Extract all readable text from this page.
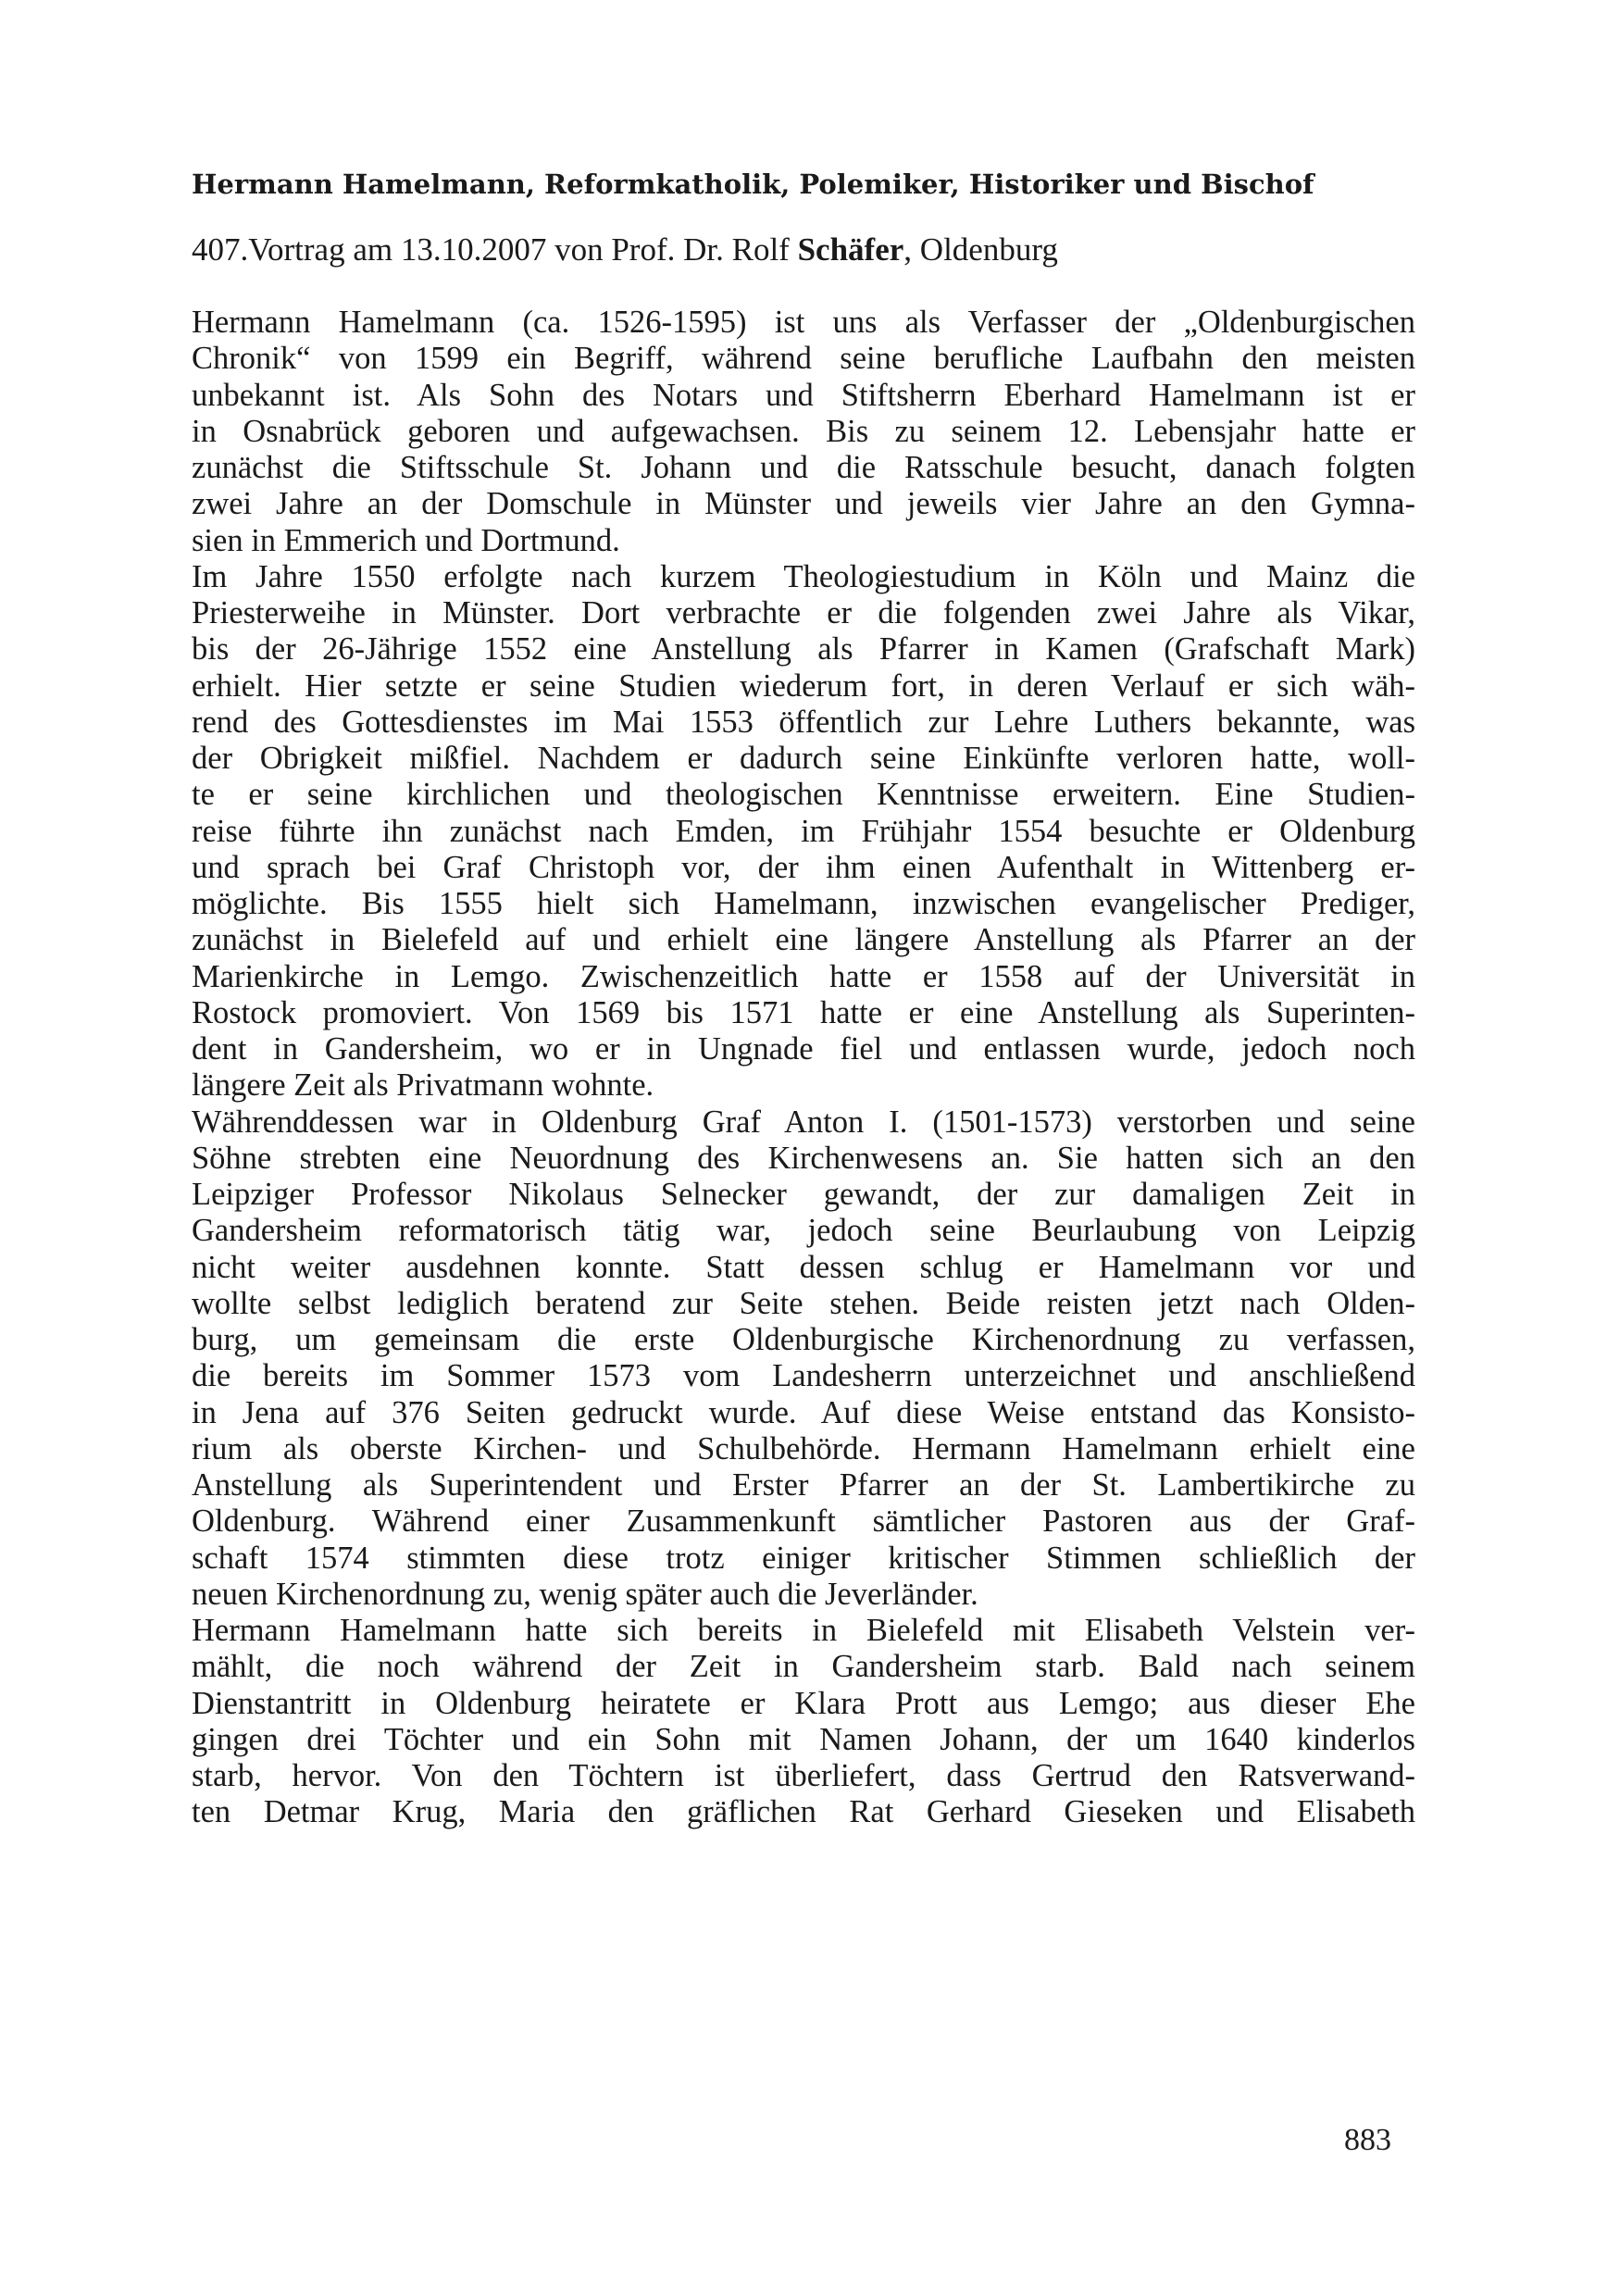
Hermann Hamelmann, Reformkatholik, Polemiker, Historiker und Bischof
407.Vortrag am 13.10.2007 von Prof. Dr. Rolf Schäfer, Oldenburg
Hermann Hamelmann (ca. 1526-1595) ist uns als Verfasser der „Oldenburgischen
Chronik“ von 1599 ein Begriff, während seine berufliche Laufbahn den meisten
unbekannt ist. Als Sohn des Notars und Stiftsherrn Eberhard Hamelmann ist er
in Osnabrück geboren und aufgewachsen. Bis zu seinem 12. Lebensjahr hatte er
zunächst die Stiftsschule St. Johann und die Ratsschule besucht, danach folgten
zwei Jahre an der Domschule in Münster und jeweils vier Jahre an den Gymna-
sien in Emmerich und Dortmund.
Im Jahre 1550 erfolgte nach kurzem Theologiestudium in Köln und Mainz die
Priesterweihe in Münster. Dort verbrachte er die folgenden zwei Jahre als Vikar,
bis der 26-Jährige 1552 eine Anstellung als Pfarrer in Kamen (Grafschaft Mark)
erhielt. Hier setzte er seine Studien wiederum fort, in deren Verlauf er sich wäh-
rend des Gottesdienstes im Mai 1553 öffentlich zur Lehre Luthers bekannte, was
der Obrigkeit mißfiel. Nachdem er dadurch seine Einkünfte verloren hatte, woll-
te er seine kirchlichen und theologischen Kenntnisse erweitern. Eine Studien-
reise führte ihn zunächst nach Emden, im Frühjahr 1554 besuchte er Oldenburg
und sprach bei Graf Christoph vor, der ihm einen Aufenthalt in Wittenberg er-
möglichte. Bis 1555 hielt sich Hamelmann, inzwischen evangelischer Prediger,
zunächst in Bielefeld auf und erhielt eine längere Anstellung als Pfarrer an der
Marienkirche in Lemgo. Zwischenzeitlich hatte er 1558 auf der Universität in
Rostock promoviert. Von 1569 bis 1571 hatte er eine Anstellung als Superinten-
dent in Gandersheim, wo er in Ungnade fiel und entlassen wurde, jedoch noch
längere Zeit als Privatmann wohnte.
Währenddessen war in Oldenburg Graf Anton I. (1501-1573) verstorben und seine
Söhne strebten eine Neuordnung des Kirchenwesens an. Sie hatten sich an den
Leipziger Professor Nikolaus Selnecker gewandt, der zur damaligen Zeit in
Gandersheim reformatorisch tätig war, jedoch seine Beurlaubung von Leipzig
nicht weiter ausdehnen konnte. Statt dessen schlug er Hamelmann vor und
wollte selbst lediglich beratend zur Seite stehen. Beide reisten jetzt nach Olden-
burg, um gemeinsam die erste Oldenburgische Kirchenordnung zu verfassen,
die bereits im Sommer 1573 vom Landesherrn unterzeichnet und anschließend
in Jena auf 376 Seiten gedruckt wurde. Auf diese Weise entstand das Konsisto-
rium als oberste Kirchen- und Schulbehörde. Hermann Hamelmann erhielt eine
Anstellung als Superintendent und Erster Pfarrer an der St. Lambertikirche zu
Oldenburg. Während einer Zusammenkunft sämtlicher Pastoren aus der Graf-
schaft 1574 stimmten diese trotz einiger kritischer Stimmen schließlich der
neuen Kirchenordnung zu, wenig später auch die Jeverländer.
Hermann Hamelmann hatte sich bereits in Bielefeld mit Elisabeth Velstein ver-
mählt, die noch während der Zeit in Gandersheim starb. Bald nach seinem
Dienstantritt in Oldenburg heiratete er Klara Prott aus Lemgo; aus dieser Ehe
gingen drei Töchter und ein Sohn mit Namen Johann, der um 1640 kinderlos
starb, hervor. Von den Töchtern ist überliefert, dass Gertrud den Ratsverwand-
ten Detmar Krug, Maria den gräflichen Rat Gerhard Gieseken und Elisabeth
883
